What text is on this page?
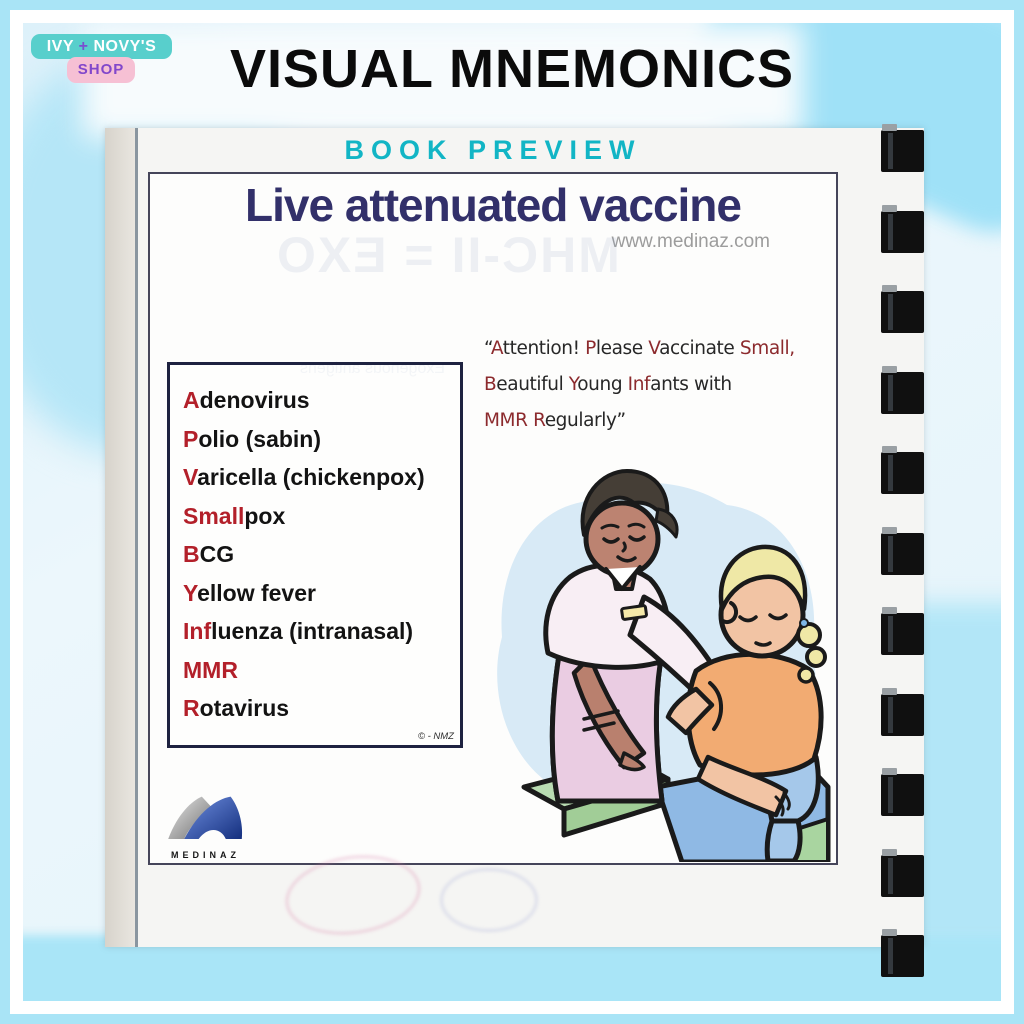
IVY + NOVY'S
SHOP	VISUAL MNEMONICS
BOOK PREVIEW
MHC-II = EXO
Exogenous antigens
Live attenuated vaccine
www.medinaz.com
“Attention! Please Vaccinate Small,
Beautiful Young Infants with
MMR Regularly”
Adenovirus
Polio (sabin)
Varicella (chickenpox)
Smallpox
BCG
Yellow fever
Influenza (intranasal)
MMR
Rotavirus
© - NMZ
MEDINAZ
